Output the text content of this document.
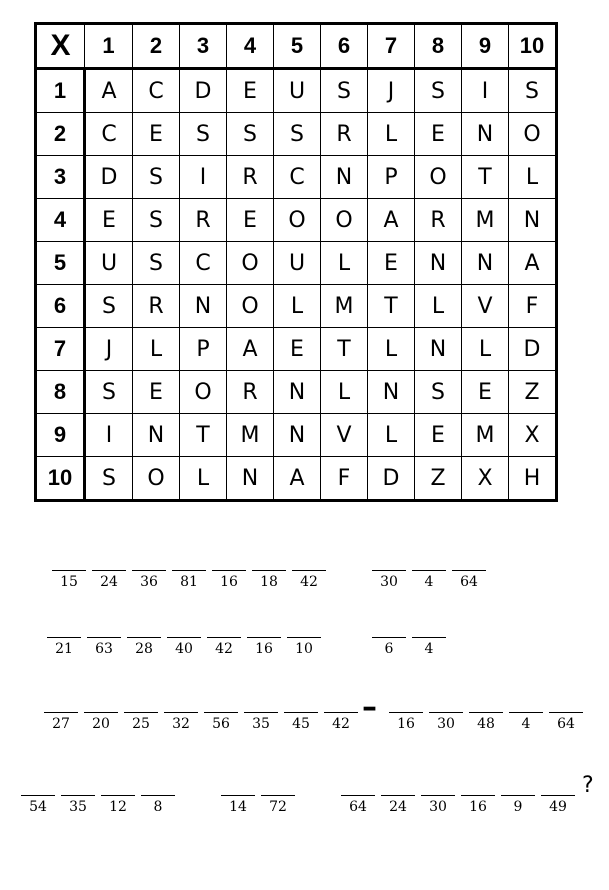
X	1	2	3	4	5	6	7	8	9	10
1	A	C	D	E	U	S	J	S	I	S
2	C	E	S	S	S	R	L	E	N	O
3	D	S	I	R	C	N	P	O	T	L
4	E	S	R	E	O	O	A	R	M	N
5	U	S	C	O	U	L	E	N	N	A
6	S	R	N	O	L	M	T	L	V	F
7	J	L	P	A	E	T	L	N	L	D
8	S	E	O	R	N	L	N	S	E	Z
9	I	N	T	M	N	V	L	E	M	X
10	S	O	L	N	A	F	D	Z	X	H
15	24	36	81	16	18	42	30	4	64
21	63	28	40	42	16	10	6	4
27	20	25	32	56	35	45	42	16	30	48	4	64
–
54	35	12	8	14	72	64	24	30	16	9	49
?
